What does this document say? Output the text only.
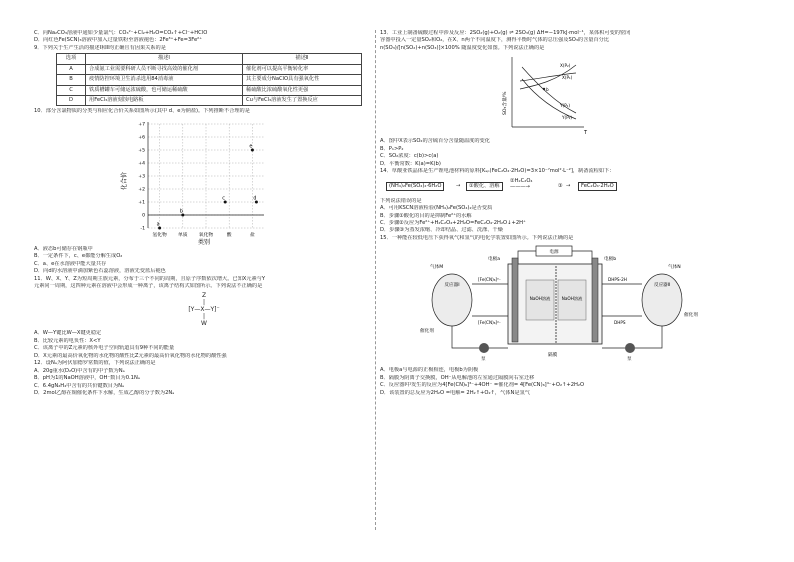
C．向Na₂CO₃溶液中通如少量氯气：CO₃²⁻+Cl₂+H₂O=CO₂↑+Cl⁻+HClO
D．向红色Fe(SCN)₃溶液中加入过量铁粉至溶液褪色：2Fe³⁺+Fe=3Fe²⁺
9．下列关于生产生活的描述Ⅰ和Ⅱ均正确且有因果关系的是
选项	描述Ⅰ	描述Ⅱ
A	合成氨工业需要科研人员不断寻找高效的催化剂	催化剂可以提高平衡转化率
B	疫情防控环境卫生消杀选用84消毒液	其主要成分NaClO具有强氧化性
C	铁质槽罐车可储运浓硫酸，也可储运稀硫酸	稀硫酸比浓硫酸氧化性更强
D	用FeCl₃溶液刻蚀电路板	Cu与FeCl₃溶液发生了置换反应
10．部分含氯物质的分类与相应化合价关系如图所示(其中 d、e为钠盐)。下列推断不合理的是
氢化物 单质 氧化物	酸	盐
+7
+6
+5
+4
+3
+2
+1
0
-1
a
b
c	d
e
化合价
类别
A．液态b可储存在钢瓶中
B．一定条件下，c、e都能分解生成O₂
C．a、e在水溶液中能大量共存
D．向d的水溶液中滴加紫色石蕊溶液，溶液先变蓝后褪色
11．W、X、Y、Z为短周期主族元素，分布于三个不同的周期，且原子序数依次增大。已知X元素与Y
元素同一周期，这四种元素在溶液中会形成一种离子，该离子结构式如图所示。下列说法不正确的是
Z
|
[Y—X—Y]⁻
|
W
A．W—Y键比W—X键更稳定
B．比较元素的电负性：X<Y
C．该离子中的Z元素的核外电子空间轨道具有9种不同的能量
D．X元素的最高价氧化物的水化物的酸性比Z元素的最高价氧化物的水化物的酸性强
12．设Nₐ为阿伏加德罗常数的值，下列说法正确的是
A．20g重水(D₂O)中含有的中子数为Nₐ
B．pH为1的NaOH溶液中，OH⁻数目为0.1Nₐ
C．6.4gN₂H₄中含有的共价键数目为Nₐ
D．2mol乙醇在铜催化条件下水解，生成乙醇的分子数为2Nₐ
13．工业上制备硫酸过程中涉及反应：2SO₂(g)+O₂(g) ⇌ 2SO₃(g) ΔH=−197kJ·mol⁻¹，某体积可变的密闭
容器中投入一定量SO₂和O₂，在X、n两个不同温度下，测得平衡时气体的总压强及SO₃的含量百分比
n(SO₃)/[n(SO₂)+n(SO₃)]×100% 随温度变化如图。下列说法正确的是
SO₃含量/%
T
X(P₂)
X(P₁)
Y(P₁)
Y(P₂)
b
A．图中X表示SO₂的含硫百分含量随温度的变化
B．P₁>P₂
C．SO₂浓度：c(b)>c(a)
D．平衡常数：K(a)=K(b)
14．草酸亚铁晶体是生产锂电池材料的原料[Kₛₚ(FeC₂O₄·2H₂O)=3×10⁻⁷mol²·L⁻²]，制备流程如下：
(NH₄)₂Fe(SO₄)₂·6H₂O	→	①酸化、溶解
②H₂C₂O₄
———→	③ →	FeC₂O₄·2H₂O
下列说法错误的是
A．可用KSCN溶液检验(NH₄)₂Fe(SO₄)₂是否变质
B．步骤①酸化的目的是抑制Fe²⁺的水解
C．步骤②反应为Fe²⁺+H₂C₂O₄+2H₂O=FeC₂O₄·2H₂O↓+2H⁺
D．步骤③为蒸发浓缩、冷却结晶、过滤、洗涤、干燥
15．一种能在较低电压下获得氧气和氢气的电化学装置如图所示。下列说法正确的是
电源
电极a	电极b
NaOH溶液	NaOH溶液
隔膜
反应器Ⅰ
催化剂
气体M
反应器Ⅱ
气体N
催化剂
[Fe(CN)₆]³⁻
[Fe(CN)₆]⁴⁻
DHPS-2H
DHPS
泵	泵
A．电极a与电源的正极相连，电极b为阴极
B．隔膜为阴离子交换膜，OH⁻从电解池的左室通过隔膜向右室迁移
C．反应器Ⅰ中发生的反应为4[Fe(CN)₆]³⁻+4OH⁻ =催化剂= 4[Fe(CN)₆]⁴⁻+O₂↑+2H₂O
D．该装置的总反应为2H₂O =电解= 2H₂↑+O₂↑，气体N是氢气
